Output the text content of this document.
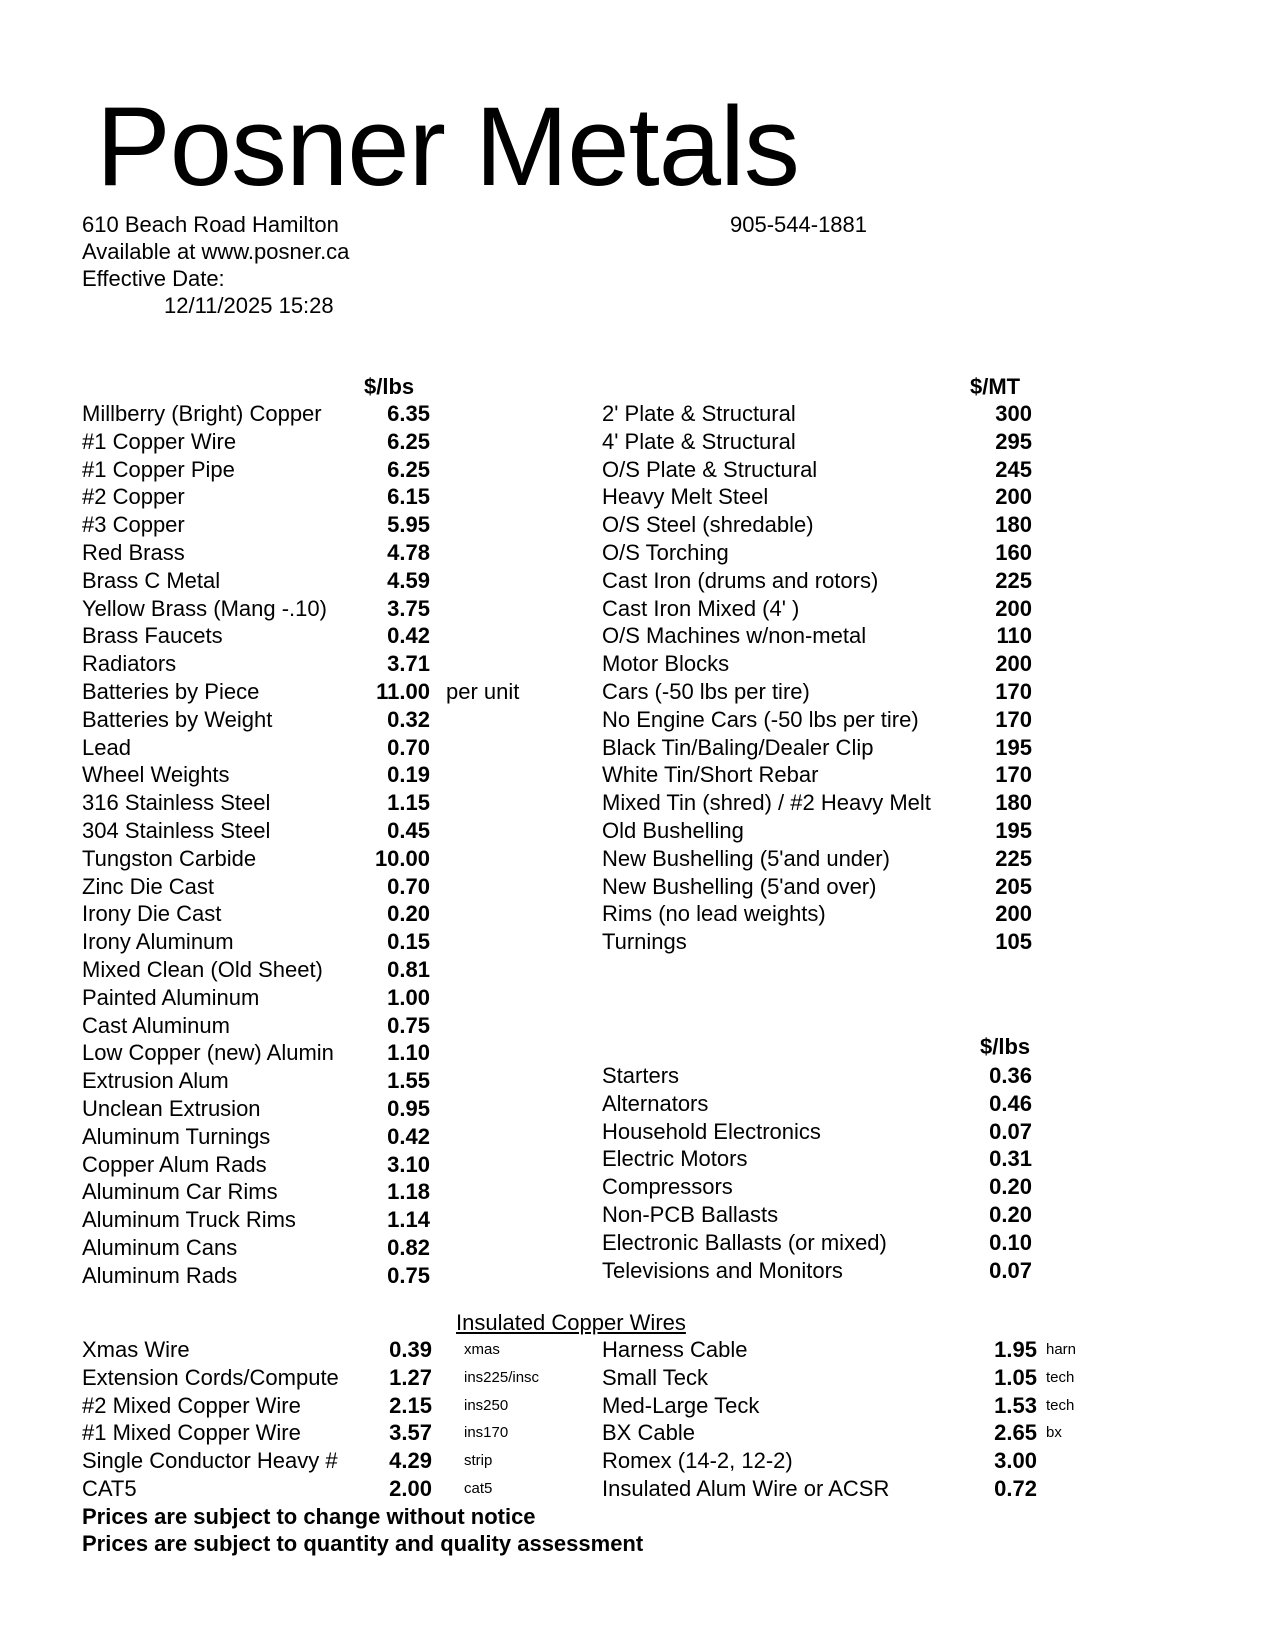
Posner Metals
610 Beach Road Hamilton	905-544-1881
Available at www.posner.ca
Effective Date:
12/11/2025 15:28
$/lbs	$/MT
$/lbs
Millberry (Bright) Copper	6.35
#1 Copper Wire	6.25
#1 Copper Pipe	6.25
#2 Copper	6.15
#3 Copper	5.95
Red Brass	4.78
Brass C Metal	4.59
Yellow Brass (Mang -.10)	3.75
Brass Faucets	0.42
Radiators	3.71
Batteries by Piece	11.00 per unit
Batteries by Weight	0.32
Lead	0.70
Wheel Weights	0.19
316 Stainless Steel	1.15
304 Stainless Steel	0.45
Tungston Carbide	10.00
Zinc Die Cast	0.70
Irony Die Cast	0.20
Irony Aluminum	0.15
Mixed Clean (Old Sheet)	0.81
Painted Aluminum	1.00
Cast Aluminum	0.75
Low Copper (new) Alumin	1.10
Extrusion Alum	1.55
Unclean Extrusion	0.95
Aluminum Turnings	0.42
Copper Alum Rads	3.10
Aluminum Car Rims	1.18
Aluminum Truck Rims	1.14
Aluminum Cans	0.82
Aluminum Rads	0.75
2' Plate & Structural	300
4' Plate & Structural	295
O/S Plate & Structural	245
Heavy Melt Steel	200
O/S Steel (shredable)	180
O/S Torching	160
Cast Iron (drums and rotors)	225
Cast Iron Mixed (4' )	200
O/S Machines w/non-metal	110
Motor Blocks	200
Cars (-50 lbs per tire)	170
No Engine Cars (-50 lbs per tire)	170
Black Tin/Baling/Dealer Clip	195
White Tin/Short Rebar	170
Mixed Tin (shred) / #2 Heavy Melt	180
Old Bushelling	195
New Bushelling (5'and under)	225
New Bushelling (5'and over)	205
Rims (no lead weights)	200
Turnings	105
Starters	0.36
Alternators	0.46
Household Electronics	0.07
Electric Motors	0.31
Compressors	0.20
Non-PCB Ballasts	0.20
Electronic Ballasts (or mixed)	0.10
Televisions and Monitors	0.07
Insulated Copper Wires
Xmas Wire	0.39 xmas
Extension Cords/Compute 1.27 ins225/insc
#2 Mixed Copper Wire	2.15 ins250
#1 Mixed Copper Wire	3.57 ins170
Single Conductor Heavy # 4.29 strip
CAT5	2.00 cat5
Harness Cable	1.95 harn
Small Teck	1.05 tech
Med-Large Teck	1.53 tech
BX Cable	2.65 bx
Romex (14-2, 12-2)	3.00
Insulated Alum Wire or ACSR	0.72
Prices are subject to change without notice
Prices are subject to quantity and quality assessment
